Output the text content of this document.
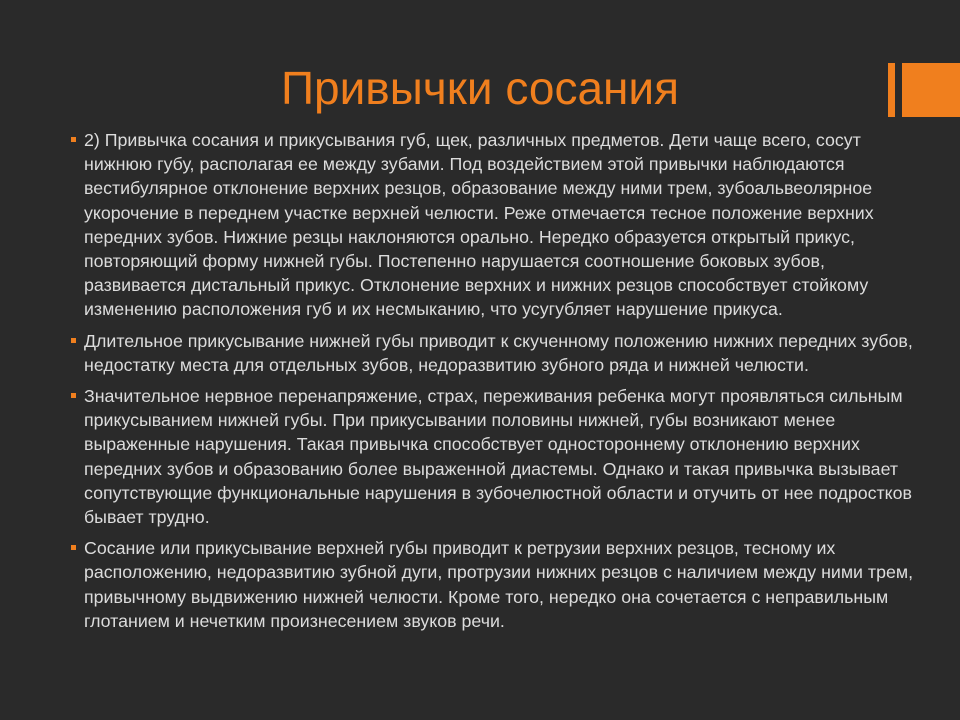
Привычки сосания
2) Привычка сосания и прикусывания губ, щек, различных предметов. Дети чаще всего, сосут нижнюю губу, располагая ее между зубами. Под воздействием этой привычки наблюдаются вестибулярное отклонение верхних резцов, образование между ними трем, зубоальвеолярное укорочение в переднем участке верхней челюсти. Реже отмечается тесное положение верхних передних зубов. Нижние резцы наклоняются орально. Нередко образуется открытый прикус, повторяющий форму нижней губы. Постепенно нарушается соотношение боковых зубов, развивается дистальный прикус. Отклонение верхних и нижних резцов способствует стойкому изменению расположения губ и их несмыканию, что усугубляет нарушение прикуса.
Длительное прикусывание нижней губы приводит к скученному положению нижних передних зубов, недостатку места для отдельных зубов, недоразвитию зубного ряда и нижней челюсти.
Значительное нервное перенапряжение, страх, переживания ребенка могут проявляться сильным прикусыванием нижней губы. При прикусывании половины нижней, губы возникают менее выраженные нарушения. Такая привычка способствует одностороннему отклонению верхних передних зубов и образованию более выраженной диастемы. Однако и такая привычка вызывает сопутствующие функциональные нарушения в зубочелюстной области и отучить от нее подростков бывает трудно.
Сосание или прикусывание верхней губы приводит к ретрузии верхних резцов, тесному их расположению, недоразвитию зубной дуги, протрузии нижних резцов с наличием между ними трем, привычному выдвижению нижней челюсти. Кроме того, нередко она сочетается с неправильным глотанием и нечетким произнесением звуков речи.
